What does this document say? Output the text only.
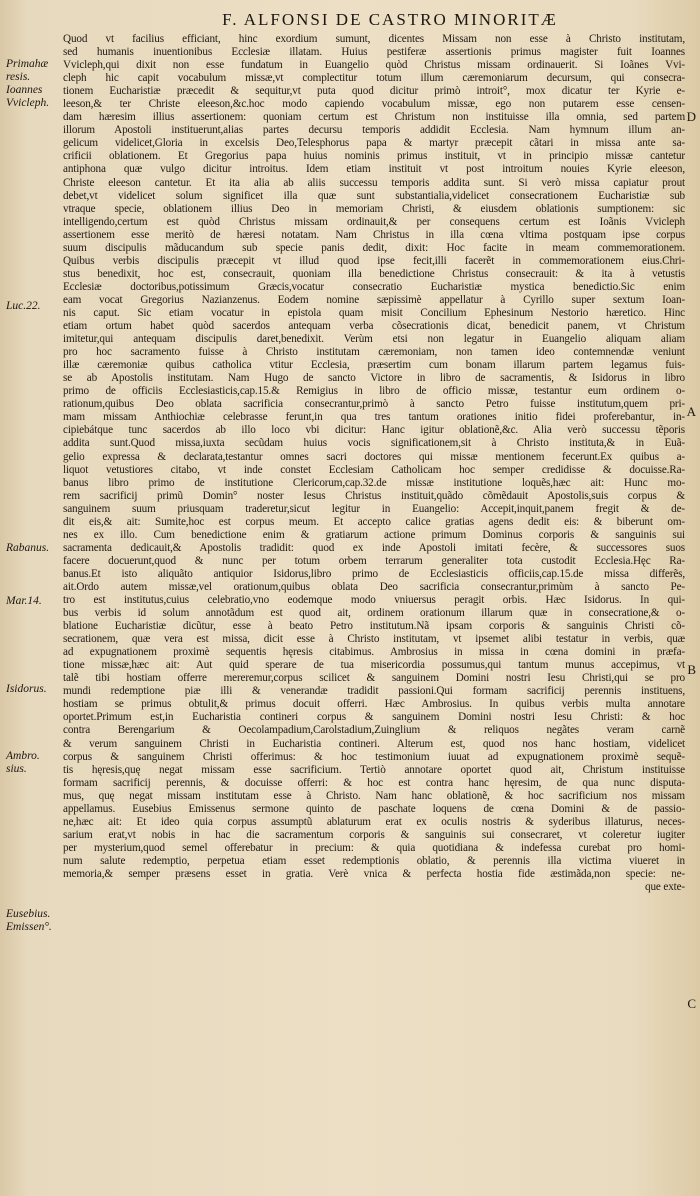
F. ALFONSI DE CASTRO MINORITÆ
Primahæ resis. Ioannes Vvicleph.
Luc.22.
Rabanus.
Mar.14.
Isidorus.
Ambro. sius.
Eusebius. Emissen°.
D
A
B
C
Quod vt facilius efficiant, hinc exordium sumunt, dicentes Missam non esse à Christo institutam,
sed humanis inuentionibus Ecclesiæ illatam. Huius pestiferæ assertionis primus magister fuit Ioannes
Vvicleph,qui dixit non esse fundatum in Euangelio quòd Christus missam ordinauerit. Si Ioãnes Vvi-
cleph hic capit vocabulum missæ,vt complectitur totum illum cæremoniarum decursum, qui consecra-
tionem Eucharistiæ præcedit & sequitur,vt puta quod dicitur primò introit°, mox dicatur ter Kyrie e-
leeson,& ter Christe eleeson,&c.hoc modo capiendo vocabulum missæ, ego non putarem esse censen-
dam hæresim illius assertionem: quoniam certum est Christum non instituisse illa omnia, sed partem
illorum Apostoli instituerunt,alias partes decursu temporis addidit Ecclesia. Nam hymnum illum an-
gelicum videlicet,Gloria in excelsis Deo,Telesphorus papa & martyr præcepit cãtari in missa ante sa-
crificii oblationem. Et Gregorius papa huius nominis primus instituit, vt in principio missæ cantetur
antiphona quæ vulgo dicitur introitus. Idem etiam instituit vt post introitum nouies Kyrie eleeson,
Christe eleeson cantetur. Et ita alia ab aliis successu temporis addita sunt. Si verò missa capiatur prout
debet,vt videlicet solum significet illa quæ sunt substantialia,videlicet consecrationem Eucharistiæ sub
vtraque specie, oblationem illius Deo in memoriam Christi, & eiusdem oblationis sumptionem: sic
intelligendo,certum est quòd Christus missam ordinauit,& per consequens certum est Ioãnis Vvicleph
assertionem esse meritò de hæresi notatam. Nam Christus in illa cœna vltima postquam ipse corpus
suum discipulis mãducandum sub specie panis dedit, dixit: Hoc facite in meam commemorationem.
Quibus verbis discipulis præcepit vt illud quod ipse fecit,illi facerẽt in commemorationem eius.Chri-
stus benedixit, hoc est, consecrauit, quoniam illa benedictione Christus consecrauit: & ita à vetustis
Ecclesiæ doctoribus,potissimum Græcis,vocatur consecratio Eucharistiæ mystica benedictio.Sic enim
eam vocat Gregorius Nazianzenus. Eodem nomine sæpissimè appellatur à Cyrillo super sextum Ioan-
nis caput. Sic etiam vocatur in epistola quam misit Concilium Ephesinum Nestorio hæretico. Hinc
etiam ortum habet quòd sacerdos antequam verba cõsecrationis dicat, benedicit panem, vt Christum
imitetur,qui antequam discipulis daret,benedixit. Verùm etsi non legatur in Euangelio aliquam aliam
pro hoc sacramento fuisse à Christo institutam cæremoniam, non tamen ideo contemnendæ veniunt
illæ cæremoniæ quibus catholica vtitur Ecclesia, præsertim cum bonam illarum partem legamus fuis-
se ab Apostolis institutam. Nam Hugo de sancto Victore in libro de sacramentis, & Isidorus in libro
primo de officiis Ecclesiasticis,cap.15.& Remigius in libro de officio missæ, testantur eum ordinem o-
rationum,quibus Deo oblata sacrificia consecrantur,primò à sancto Petro fuisse institutum,quem pri-
mam missam Anthiochiæ celebrasse ferunt,in qua tres tantum orationes initio fidei proferebantur, in-
cipiebátque tunc sacerdos ab illo loco vbi dicitur: Hanc igitur oblationẽ,&c. Alia verò successu tẽporis
addita sunt.Quod missa,iuxta secũdam huius vocis significationem,sit à Christo instituta,& in Euã-
gelio expressa & declarata,testantur omnes sacri doctores qui missæ mentionem fecerunt.Ex quibus a-
liquot vetustiores citabo, vt inde constet Ecclesiam Catholicam hoc semper credidisse & docuisse.Ra-
banus libro primo de institutione Clericorum,cap.32.de missæ institutione loquẽs,hæc ait: Hunc mo-
rem sacrificij primũ Domin° noster Iesus Christus instituit,quãdo cõmẽdauit Apostolis,suis corpus &
sanguinem suum priusquam traderetur,sicut legitur in Euangelio: Accepit,inquit,panem fregit & de-
dit eis,& ait: Sumite,hoc est corpus meum. Et accepto calice gratias agens dedit eis: & biberunt om-
nes ex illo. Cum benedictione enim & gratiarum actione primum Dominus corporis & sanguinis sui
sacramenta dedicauit,& Apostolis tradidit: quod ex inde Apostoli imitati fecère, & successores suos
facere docuerunt,quod & nunc per totum orbem terrarum generaliter tota custodit Ecclesia.Hęc Ra-
banus.Et isto aliquãto antiquior Isidorus,libro primo de Ecclesiasticis officiis,cap.15.de missa differẽs,
ait.Ordo autem missæ,vel orationum,quibus oblata Deo sacrificia consecrantur,primùm à sancto Pe-
tro est institutus,cuius celebratio,vno eodemque modo vniuersus peragit orbis. Hæc Isidorus. In qui-
bus verbis id solum annotãdum est quod ait, ordinem orationum illarum quæ in consecratione,& o-
blatione Eucharistiæ dicũtur, esse à beato Petro institutum.Nã ipsam corporis & sanguinis Christi cõ-
secrationem, quæ vera est missa, dicit esse à Christo institutam, vt ipsemet alibi testatur in verbis, quæ
ad expugnationem proximè sequentis hęresis citabimus. Ambrosius in missa in cœna domini in præfa-
tione missæ,hæc ait: Aut quid sperare de tua misericordia possumus,qui tantum munus accepimus, vt
talẽ tibi hostiam offerre mereremur,corpus scilicet & sanguinem Domini nostri Iesu Christi,qui se pro
mundi redemptione piæ illi & venerandæ tradidit passioni.Qui formam sacrificij perennis instituens,
hostiam se primus obtulit,& primus docuit offerri. Hæc Ambrosius. In quibus verbis multa annotare
oportet.Primum est,in Eucharistia contineri corpus & sanguinem Domini nostri Iesu Christi: & hoc
contra Berengarium & Oecolampadium,Carolstadium,Zuinglium & reliquos negãtes veram carnẽ
& verum sanguinem Christi in Eucharistia contineri. Alterum est, quod nos hanc hostiam, videlicet
corpus & sanguinem Christi offerimus: & hoc testimonium iuuat ad expugnationem proximè sequẽ-
tis hęresis,quę negat missam esse sacrificium. Tertiò annotare oportet quod ait, Christum instituisse
formam sacrificij perennis, & docuisse offerri: & hoc est contra hanc hęresim, de qua nunc disputa-
mus, quę negat missam institutam esse à Christo. Nam hanc oblationẽ, & hoc sacrificium nos missam
appellamus. Eusebius Emissenus sermone quinto de paschate loquens de cœna Domini & de passio-
ne,hæc ait: Et ideo quia corpus assumptũ ablaturum erat ex oculis nostris & syderibus illaturus, neces-
sarium erat,vt nobis in hac die sacramentum corporis & sanguinis sui consecraret, vt coleretur iugiter
per mysterium,quod semel offerebatur in precium: & quia quotidiana & indefessa curebat pro homi-
num salute redemptio, perpetua etiam esset redemptionis oblatio, & perennis illa victima viueret in
memoria,& semper præsens esset in gratia. Verè vnica & perfecta hostia fide æstimãda,non specie: ne-
que exte-
